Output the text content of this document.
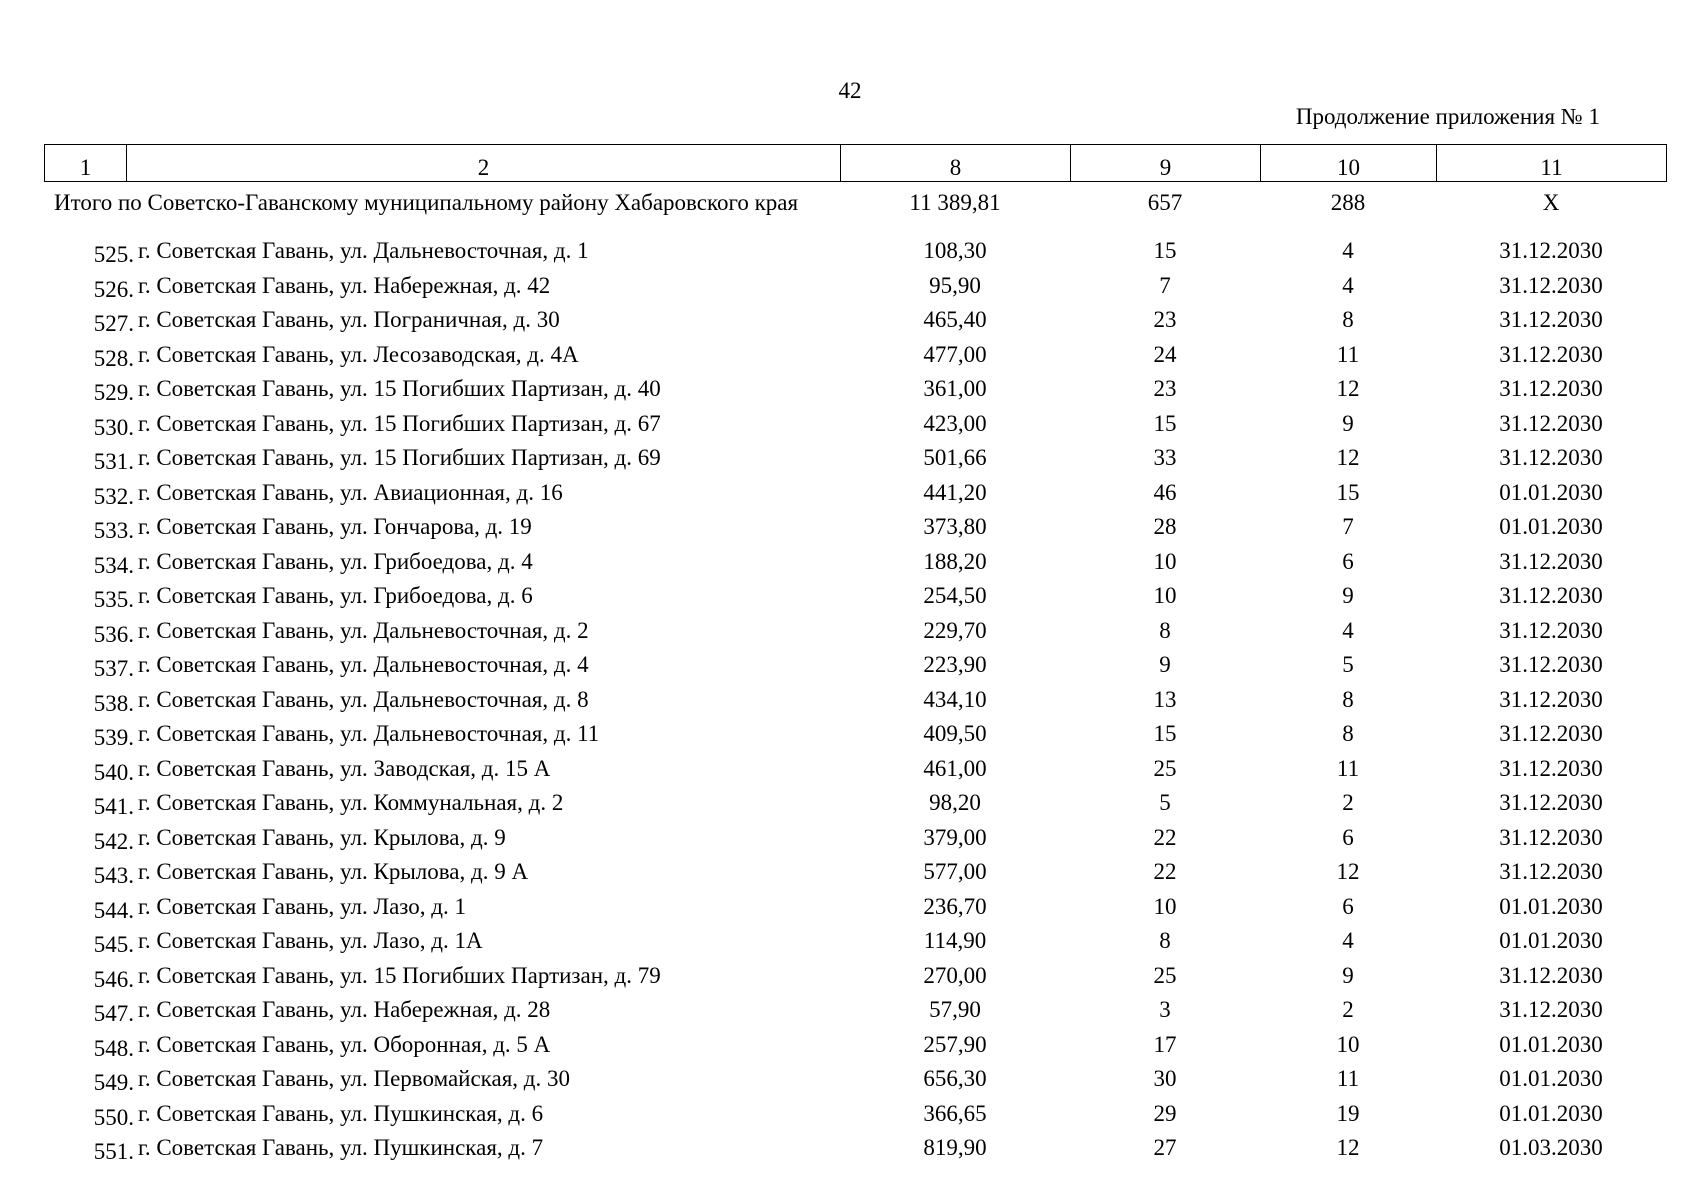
42
Продолжение приложения № 1
1	2	8	9	10	11
Итого по Советско-Гаванскому муниципальному району Хабаровского края	11 389,81	657	288	X
525. г. Советская Гавань, ул. Дальневосточная, д. 1	108,30	15	4	31.12.2030
526. г. Советская Гавань, ул. Набережная, д. 42	95,90	7	4	31.12.2030
527. г. Советская Гавань, ул. Пограничная, д. 30	465,40	23	8	31.12.2030
528. г. Советская Гавань, ул. Лесозаводская, д. 4А	477,00	24	11	31.12.2030
529. г. Советская Гавань, ул. 15 Погибших Партизан, д. 40	361,00	23	12	31.12.2030
530. г. Советская Гавань, ул. 15 Погибших Партизан, д. 67	423,00	15	9	31.12.2030
531. г. Советская Гавань, ул. 15 Погибших Партизан, д. 69	501,66	33	12	31.12.2030
532. г. Советская Гавань, ул. Авиационная, д. 16	441,20	46	15	01.01.2030
533. г. Советская Гавань, ул. Гончарова, д. 19	373,80	28	7	01.01.2030
534. г. Советская Гавань, ул. Грибоедова, д. 4	188,20	10	6	31.12.2030
535. г. Советская Гавань, ул. Грибоедова, д. 6	254,50	10	9	31.12.2030
536. г. Советская Гавань, ул. Дальневосточная, д. 2	229,70	8	4	31.12.2030
537. г. Советская Гавань, ул. Дальневосточная, д. 4	223,90	9	5	31.12.2030
538. г. Советская Гавань, ул. Дальневосточная, д. 8	434,10	13	8	31.12.2030
539. г. Советская Гавань, ул. Дальневосточная, д. 11	409,50	15	8	31.12.2030
540. г. Советская Гавань, ул. Заводская, д. 15 А	461,00	25	11	31.12.2030
541. г. Советская Гавань, ул. Коммунальная, д. 2	98,20	5	2	31.12.2030
542. г. Советская Гавань, ул. Крылова, д. 9	379,00	22	6	31.12.2030
543. г. Советская Гавань, ул. Крылова, д. 9 А	577,00	22	12	31.12.2030
544. г. Советская Гавань, ул. Лазо, д. 1	236,70	10	6	01.01.2030
545. г. Советская Гавань, ул. Лазо, д. 1А	114,90	8	4	01.01.2030
546. г. Советская Гавань, ул. 15 Погибших Партизан, д. 79	270,00	25	9	31.12.2030
547. г. Советская Гавань, ул. Набережная, д. 28	57,90	3	2	31.12.2030
548. г. Советская Гавань, ул. Оборонная, д. 5 А	257,90	17	10	01.01.2030
549. г. Советская Гавань, ул. Первомайская, д. 30	656,30	30	11	01.01.2030
550. г. Советская Гавань, ул. Пушкинская, д. 6	366,65	29	19	01.01.2030
551. г. Советская Гавань, ул. Пушкинская, д. 7	819,90	27	12	01.03.2030
